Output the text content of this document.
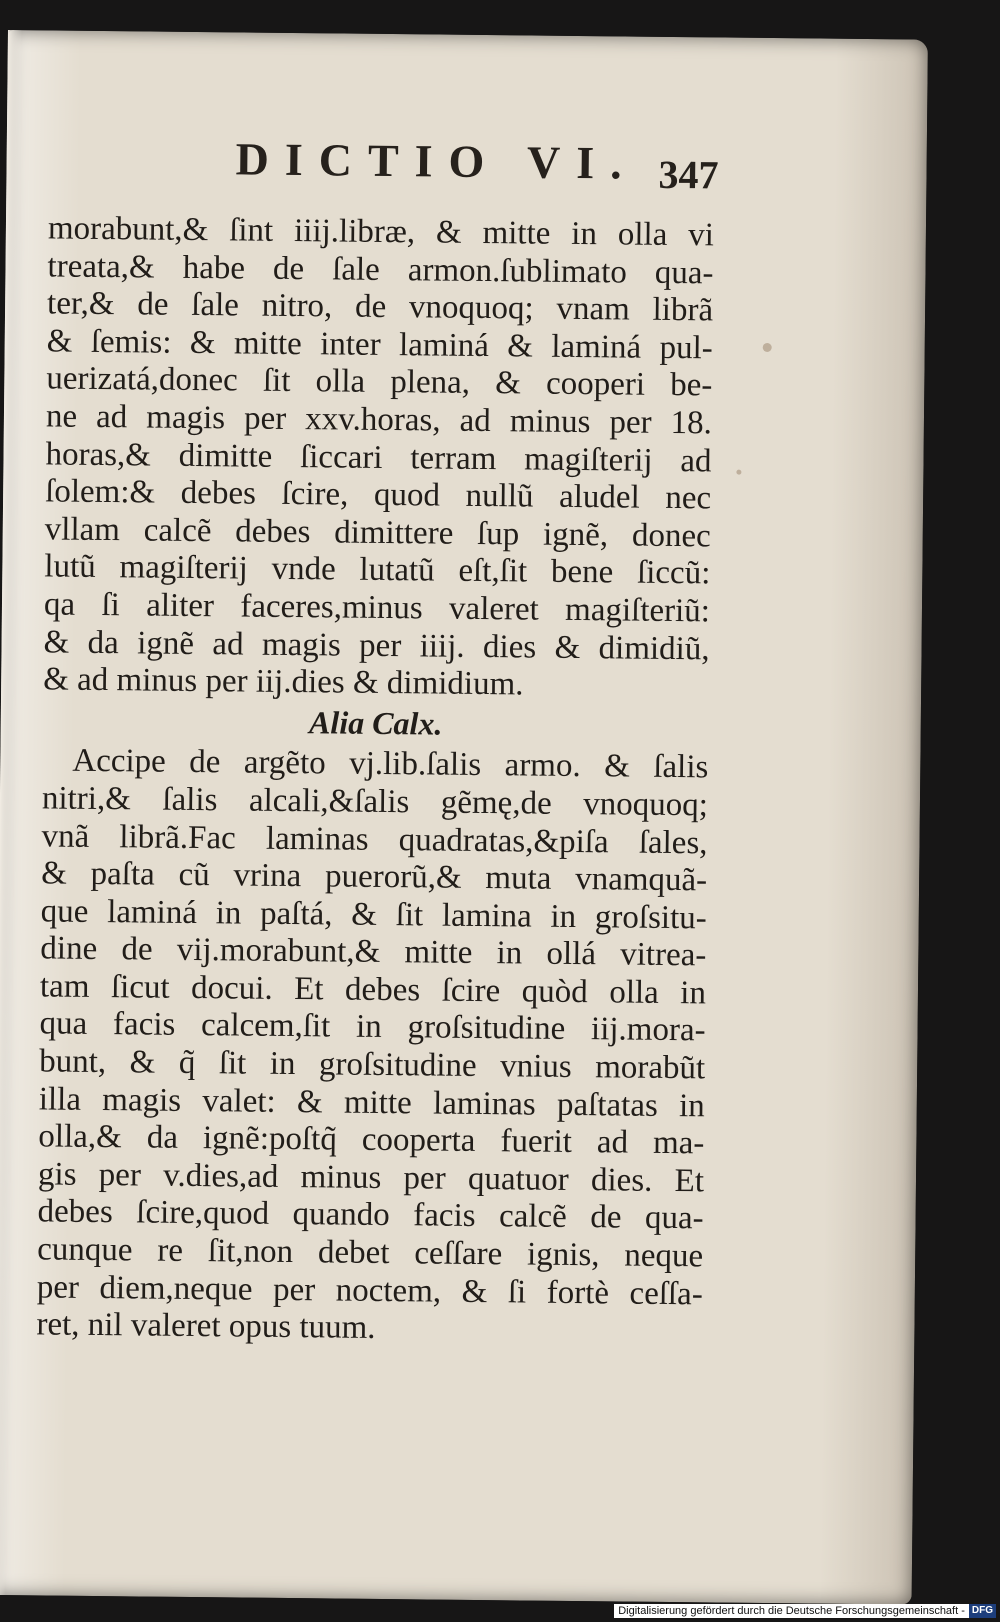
DICTIO VI. 347
morabunt,& ſint iiij.libræ, & mitte in olla vi
treata,& habe de ſale armon.ſublimato qua-
ter,& de ſale nitro, de vnoquoq; vnam librã
& ſemis: & mitte inter laminá & laminá pul-
uerizatá,donec ſit olla plena, & cooperi be-
ne ad magis per xxv.horas, ad minus per 18.
horas,& dimitte ſiccari terram magiſterij ad
ſolem:& debes ſcire, quod nullũ aludel nec
vllam calcẽ debes dimittere ſup ignẽ, donec
lutũ magiſterij vnde lutatũ eſt,ſit bene ſiccũ:
qa ſi aliter faceres,minus valeret magiſteriũ:
& da ignẽ ad magis per iiij. dies & dimidiũ,
& ad minus per iij.dies & dimidium.
Alia Calx.
Accipe de argẽto vj.lib.ſalis armo. & ſalis
nitri,& ſalis alcali,&ſalis gẽmę,de vnoquoq;
vnã librã.Fac laminas quadratas,&piſa ſales,
& paſta cũ vrina puerorũ,& muta vnamquã-
que laminá in paſtá, & ſit lamina in groſsitu-
dine de vij.morabunt,& mitte in ollá vitrea-
tam ſicut docui. Et debes ſcire quòd olla in
qua facis calcem,ſit in groſsitudine iij.mora-
bunt, & q̃ ſit in groſsitudine vnius morabũt
illa magis valet: & mitte laminas paſtatas in
olla,& da ignẽ:poſtq̃ cooperta fuerit ad ma-
gis per v.dies,ad minus per quatuor dies. Et
debes ſcire,quod quando facis calcẽ de qua-
cunque re ſit,non debet ceſſare ignis, neque
per diem,neque per noctem, & ſi fortè ceſſa-
ret, nil valeret opus tuum.
Digitalisierung gefördert durch die Deutsche Forschungsgemeinschaft - DFG
